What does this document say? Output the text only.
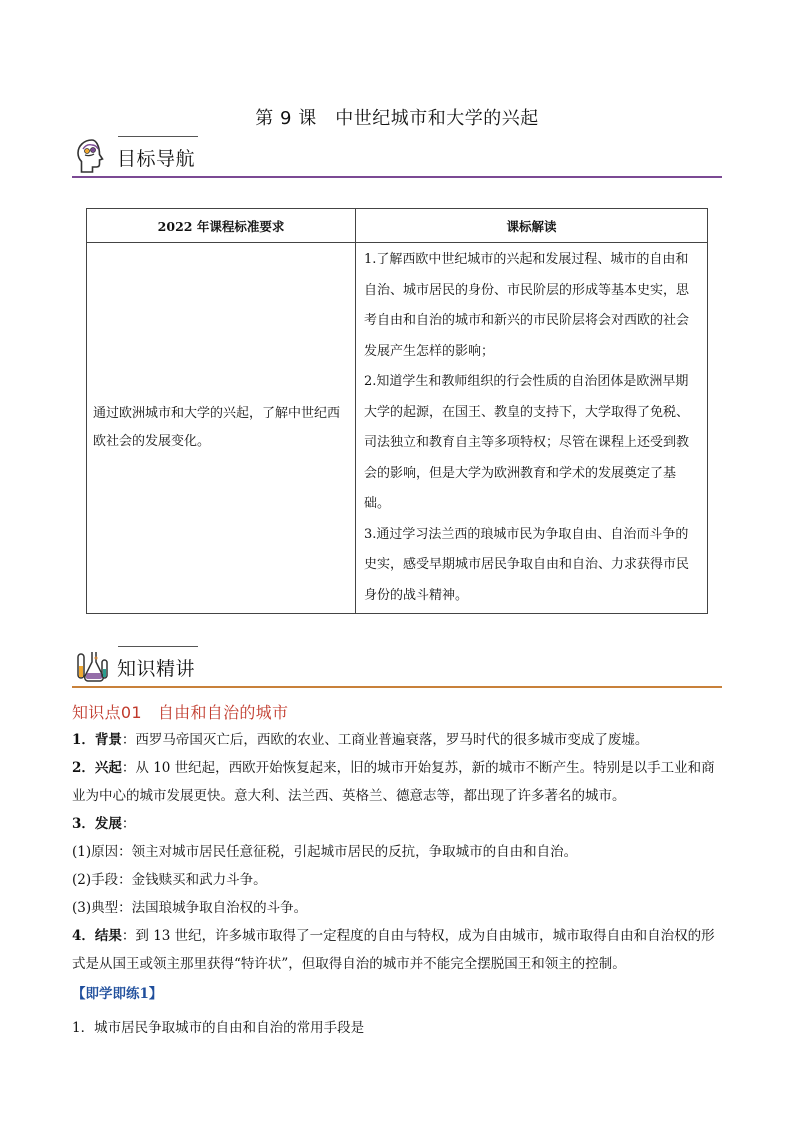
第 9 课　中世纪城市和大学的兴起
目标导航
2022 年课程标准要求	课标解读
通过欧洲城市和大学的兴起，了解中世纪西欧社会的发展变化。	1.了解西欧中世纪城市的兴起和发展过程、城市的自由和自治、城市居民的身份、市民阶层的形成等基本史实，思考自由和自治的城市和新兴的市民阶层将会对西欧的社会发展产生怎样的影响；

2.知道学生和教师组织的行会性质的自治团体是欧洲早期大学的起源，在国王、教皇的支持下，大学取得了免税、司法独立和教育自主等多项特权；尽管在课程上还受到教会的影响，但是大学为欧洲教育和学术的发展奠定了基础。

3.通过学习法兰西的琅城市民为争取自由、自治而斗争的史实，感受早期城市居民争取自由和自治、力求获得市民身份的战斗精神。

知识精讲
知识点01 自由和自治的城市

1．背景：西罗马帝国灭亡后，西欧的农业、工商业普遍衰落，罗马时代的很多城市变成了废墟。

2．兴起：从 10 世纪起，西欧开始恢复起来，旧的城市开始复苏，新的城市不断产生。特别是以手工业和商业为中心的城市发展更快。意大利、法兰西、英格兰、德意志等，都出现了许多著名的城市。

3．发展：

(1)原因：领主对城市居民任意征税，引起城市居民的反抗，争取城市的自由和自治。

(2)手段：金钱赎买和武力斗争。

(3)典型：法国琅城争取自治权的斗争。

4．结果：到 13 世纪，许多城市取得了一定程度的自由与特权，成为自由城市，城市取得自由和自治权的形式是从国王或领主那里获得“特许状”，但取得自治的城市并不能完全摆脱国王和领主的控制。

【即学即练1】

1．城市居民争取城市的自由和自治的常用手段是
